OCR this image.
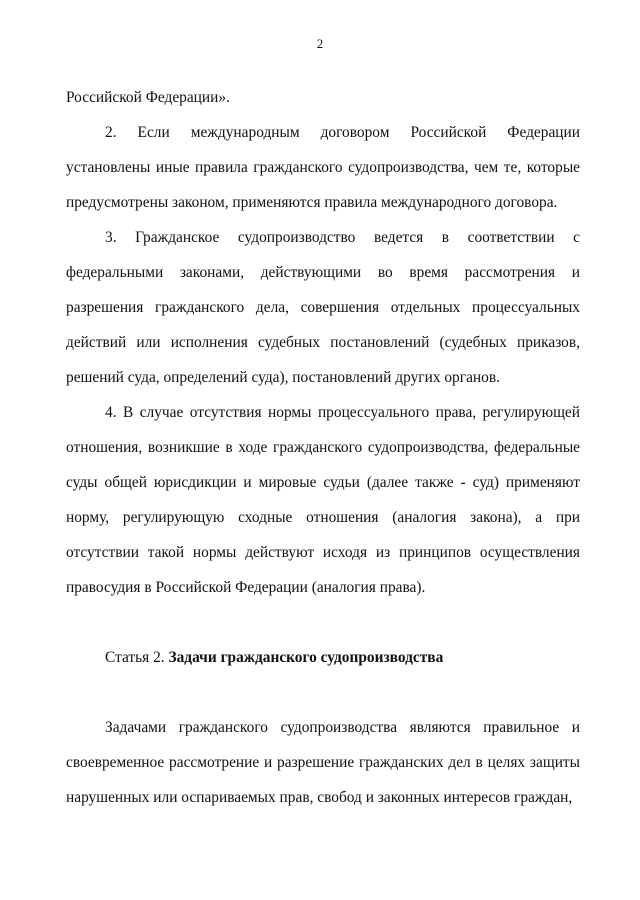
2

Российской Федерации».

2. Если международным договором Российской Федерации установлены иные правила гражданского судопроизводства, чем те, которые предусмотрены законом, применяются правила международного договора.

3. Гражданское судопроизводство ведется в соответствии с федеральными законами, действующими во время рассмотрения и разрешения гражданского дела, совершения отдельных процессуальных действий или исполнения судебных постановлений (судебных приказов, решений суда, определений суда), постановлений других органов.

4. В случае отсутствия нормы процессуального права, регулирующей отношения, возникшие в ходе гражданского судопроизводства, федеральные суды общей юрисдикции и мировые судьи (далее также - суд) применяют норму, регулирующую сходные отношения (аналогия закона), а при отсутствии такой нормы действуют исходя из принципов осуществления правосудия в Российской Федерации (аналогия права).

Статья 2. Задачи гражданского судопроизводства

Задачами гражданского судопроизводства являются правильное и своевременное рассмотрение и разрешение гражданских дел в целях защиты нарушенных или оспариваемых прав, свобод и законных интересов граждан,
